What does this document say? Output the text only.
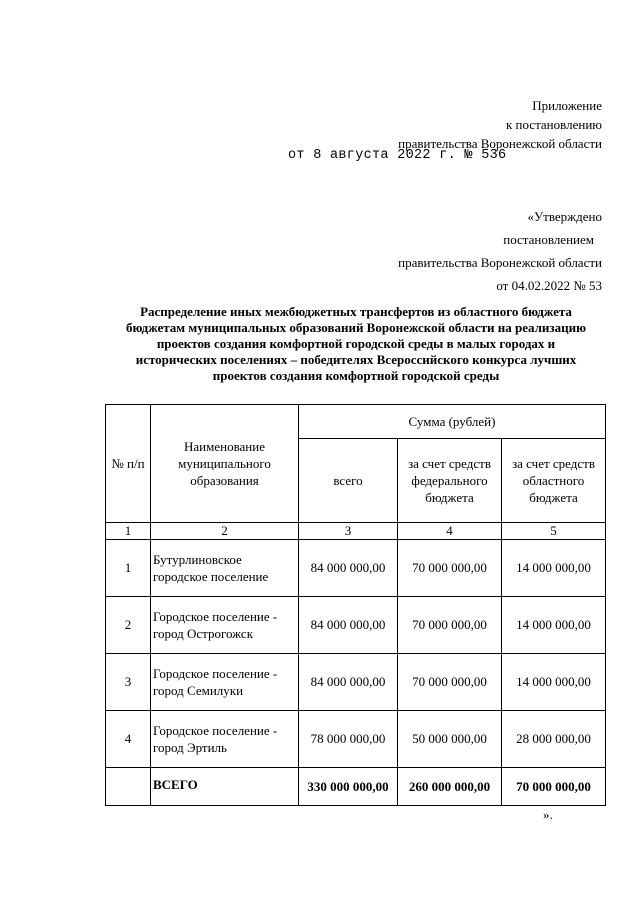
Приложение
к постановлению
правительства Воронежской области
от 8 августа 2022 г. № 536
«Утверждено
постановлением
правительства Воронежской области
от 04.02.2022 № 53
Распределение иных межбюджетных трансфертов из областного бюджета
бюджетам муниципальных образований Воронежской области на реализацию
проектов создания комфортной городской среды в малых городах и
исторических поселениях – победителях Всероссийского конкурса лучших
проектов создания комфортной городской среды
№ п/п	Наименование муниципального образования	Сумма (рублей)		
		всего	за счет средств федерального бюджета	за счет средств областного бюджета
1	2	3	4	5
1	Бутурлиновское городское поселение	84 000 000,00	70 000 000,00	14 000 000,00
2	Городское поселение - город Острогожск	84 000 000,00	70 000 000,00	14 000 000,00
3	Городское поселение - город Семилуки	84 000 000,00	70 000 000,00	14 000 000,00
4	Городское поселение - город Эртиль	78 000 000,00	50 000 000,00	28 000 000,00
	ВСЕГО	330 000 000,00	260 000 000,00	70 000 000,00
».
